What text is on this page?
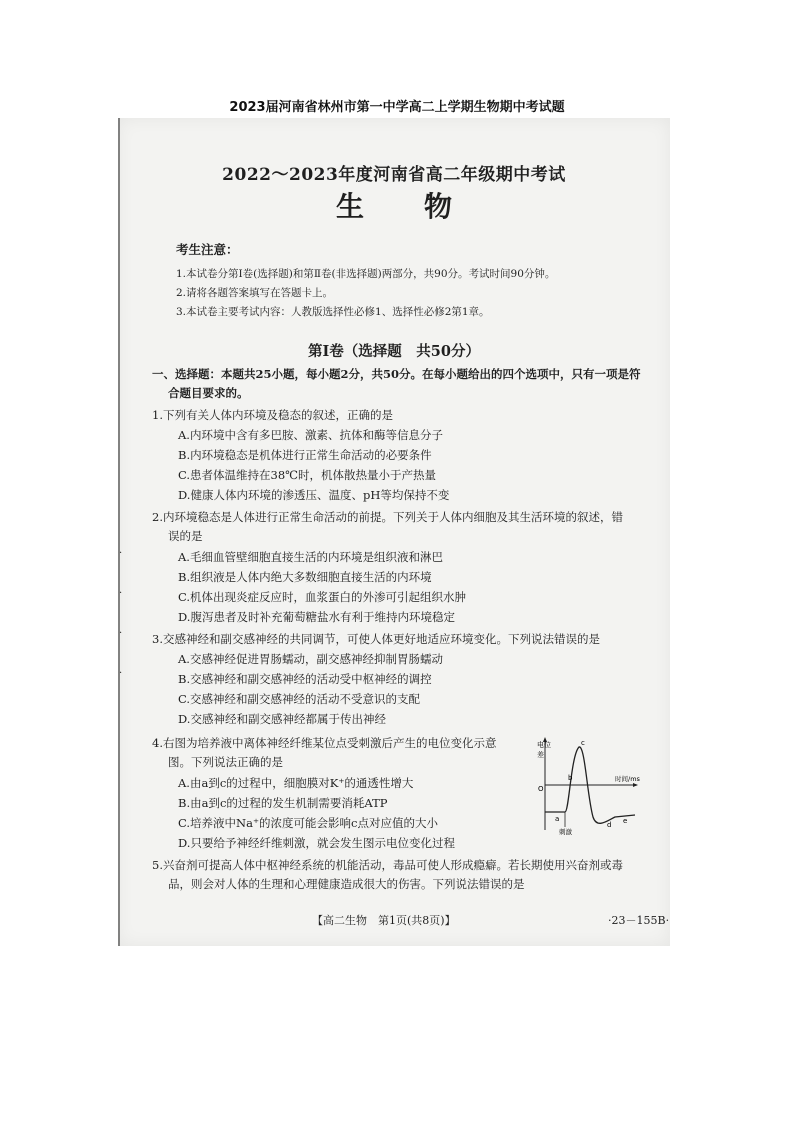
2023届河南省林州市第一中学高二上学期生物期中考试题
·
·
·
·
2022～2023年度河南省高二年级期中考试
生物
考生注意：
1.本试卷分第Ⅰ卷(选择题)和第Ⅱ卷(非选择题)两部分，共90分。考试时间90分钟。
2.请将各题答案填写在答题卡上。
3.本试卷主要考试内容：人教版选择性必修1、选择性必修2第1章。
第Ⅰ卷（选择题　共50分）
一、选择题：本题共25小题，每小题2分，共50分。在每小题给出的四个选项中，只有一项是符
合题目要求的。
1.下列有关人体内环境及稳态的叙述，正确的是
A.内环境中含有多巴胺、激素、抗体和酶等信息分子
B.内环境稳态是机体进行正常生命活动的必要条件
C.患者体温维持在38℃时，机体散热量小于产热量
D.健康人体内环境的渗透压、温度、pH等均保持不变
2.内环境稳态是人体进行正常生命活动的前提。下列关于人体内细胞及其生活环境的叙述，错
误的是
A.毛细血管壁细胞直接生活的内环境是组织液和淋巴
B.组织液是人体内绝大多数细胞直接生活的内环境
C.机体出现炎症反应时，血浆蛋白的外渗可引起组织水肿
D.腹泻患者及时补充葡萄糖盐水有利于维持内环境稳定
3.交感神经和副交感神经的共同调节，可使人体更好地适应环境变化。下列说法错误的是
A.交感神经促进胃肠蠕动，副交感神经抑制胃肠蠕动
B.交感神经和副交感神经的活动受中枢神经的调控
C.交感神经和副交感神经的活动不受意识的支配
D.交感神经和副交感神经都属于传出神经
4.右图为培养液中离体神经纤维某位点受刺激后产生的电位变化示意
图。下列说法正确的是
A.由a到c的过程中，细胞膜对K⁺的通透性增大
B.由a到c的过程的发生机制需要消耗ATP
C.培养液中Na⁺的浓度可能会影响c点对应值的大小
D.只要给予神经纤维刺激，就会发生图示电位变化过程
5.兴奋剂可提高人体中枢神经系统的机能活动，毒品可使人形成瘾癖。若长期使用兴奋剂或毒
品，则会对人体的生理和心理健康造成很大的伤害。下列说法错误的是
电位
差
O
时间/ms
a
b
c
d e
刺激
【高二生物　第1页(共8页)】	·23－155B·
